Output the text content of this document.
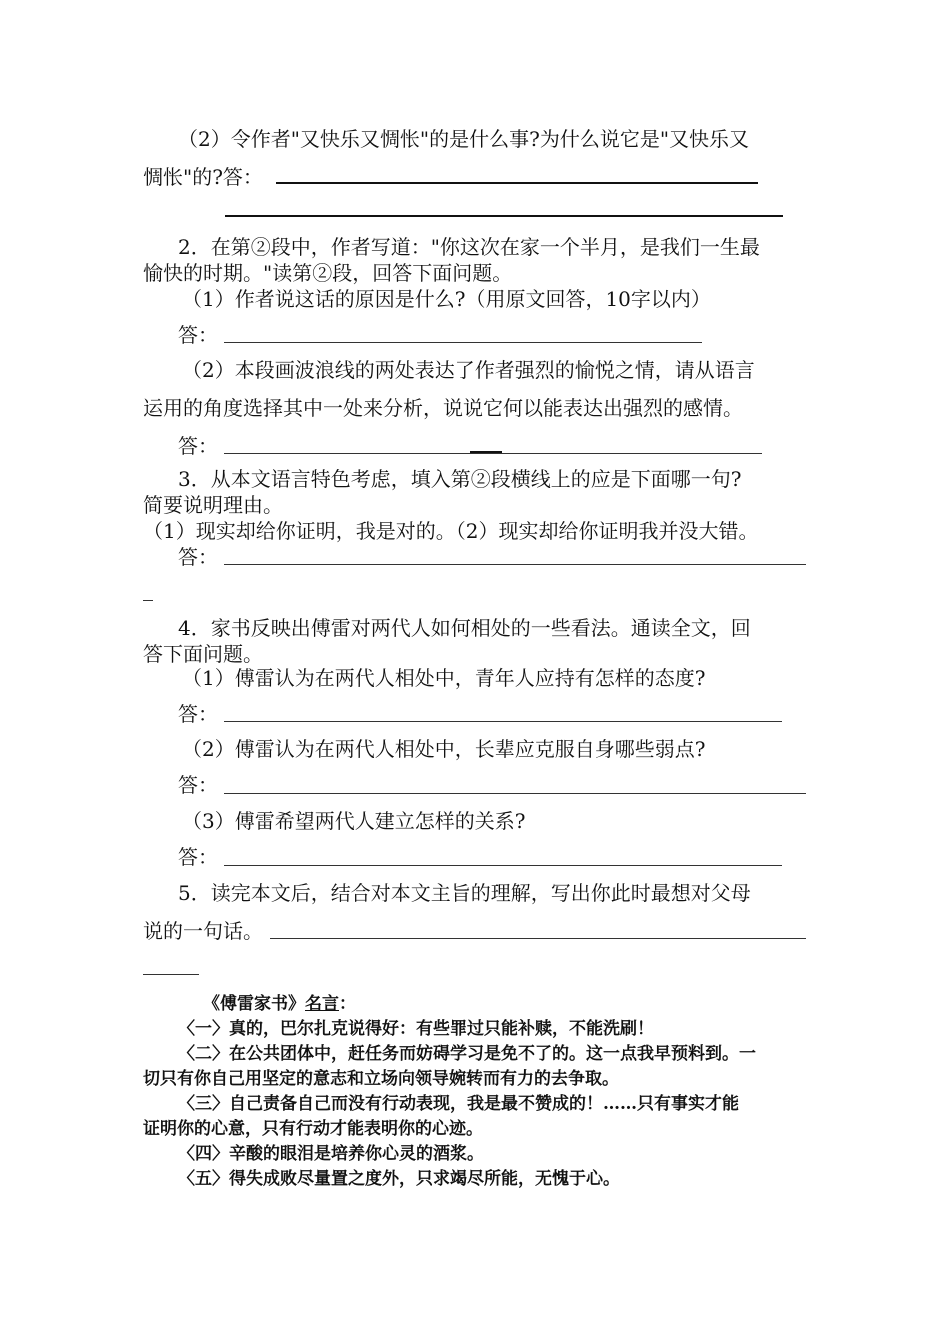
（2）令作者"又快乐又惆怅"的是什么事?为什么说它是"又快乐又
惆怅"的?答：
2．在第②段中，作者写道："你这次在家一个半月，是我们一生最
愉快的时期。"读第②段，回答下面问题。
（1）作者说这话的原因是什么?（用原文回答，10字以内）
答：
（2）本段画波浪线的两处表达了作者强烈的愉悦之情，请从语言
运用的角度选择其中一处来分析，说说它何以能表达出强烈的感情。
答：
3．从本文语言特色考虑，填入第②段横线上的应是下面哪一句?
简要说明理由。
（1）现实却给你证明，我是对的。（2）现实却给你证明我并没大错。
答：
4．家书反映出傅雷对两代人如何相处的一些看法。通读全文，回
答下面问题。
（1）傅雷认为在两代人相处中，青年人应持有怎样的态度?
答：
（2）傅雷认为在两代人相处中，长辈应克服自身哪些弱点?
答：
（3）傅雷希望两代人建立怎样的关系?
答：
5．读完本文后，结合对本文主旨的理解，写出你此时最想对父母
说的一句话。
《傅雷家书》名言：
〈一〉真的，巴尔扎克说得好：有些罪过只能补赎，不能洗刷！
〈二〉在公共团体中，赶任务而妨碍学习是免不了的。这一点我早预料到。一
切只有你自己用坚定的意志和立场向领导婉转而有力的去争取。
〈三〉自己责备自己而没有行动表现，我是最不赞成的！……只有事实才能
证明你的心意，只有行动才能表明你的心迹。
〈四〉辛酸的眼泪是培养你心灵的酒浆。
〈五〉得失成败尽量置之度外，只求竭尽所能，无愧于心。
